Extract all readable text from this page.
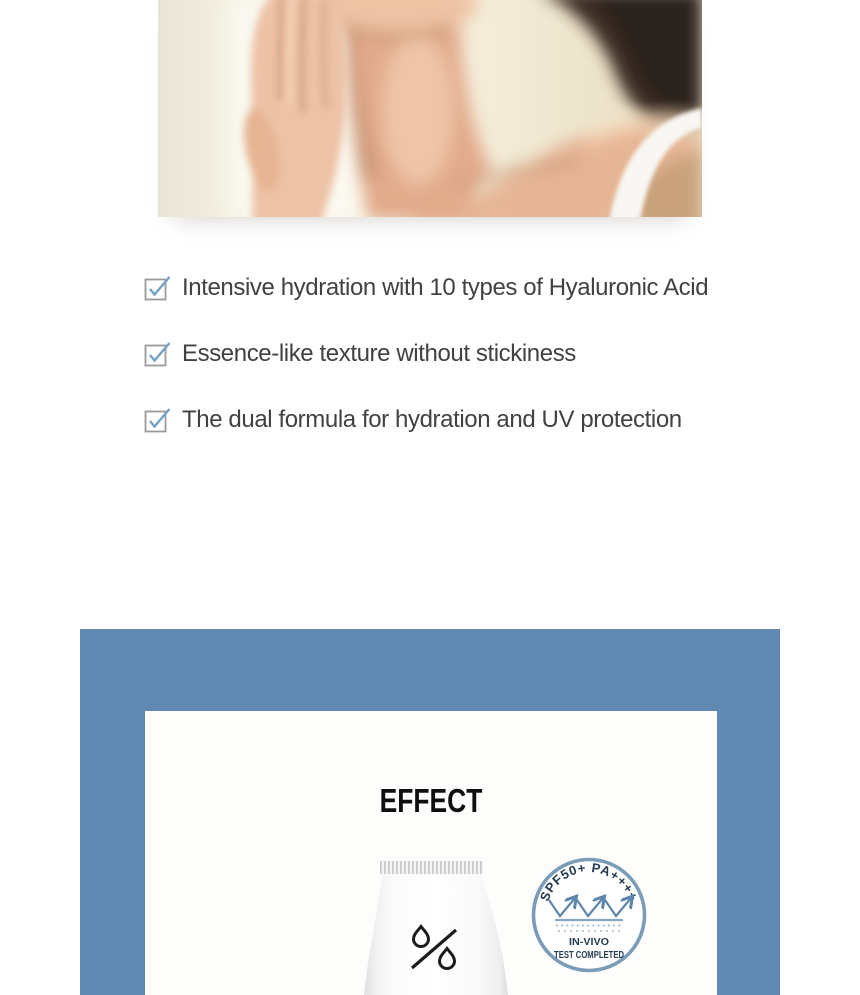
Intensive hydration with 10 types of Hyaluronic Acid
Essence-like texture without stickiness
The dual formula for hydration and UV protection
EFFECT
SPF50+ PA++++
IN-VIVO
TEST COMPLETED
